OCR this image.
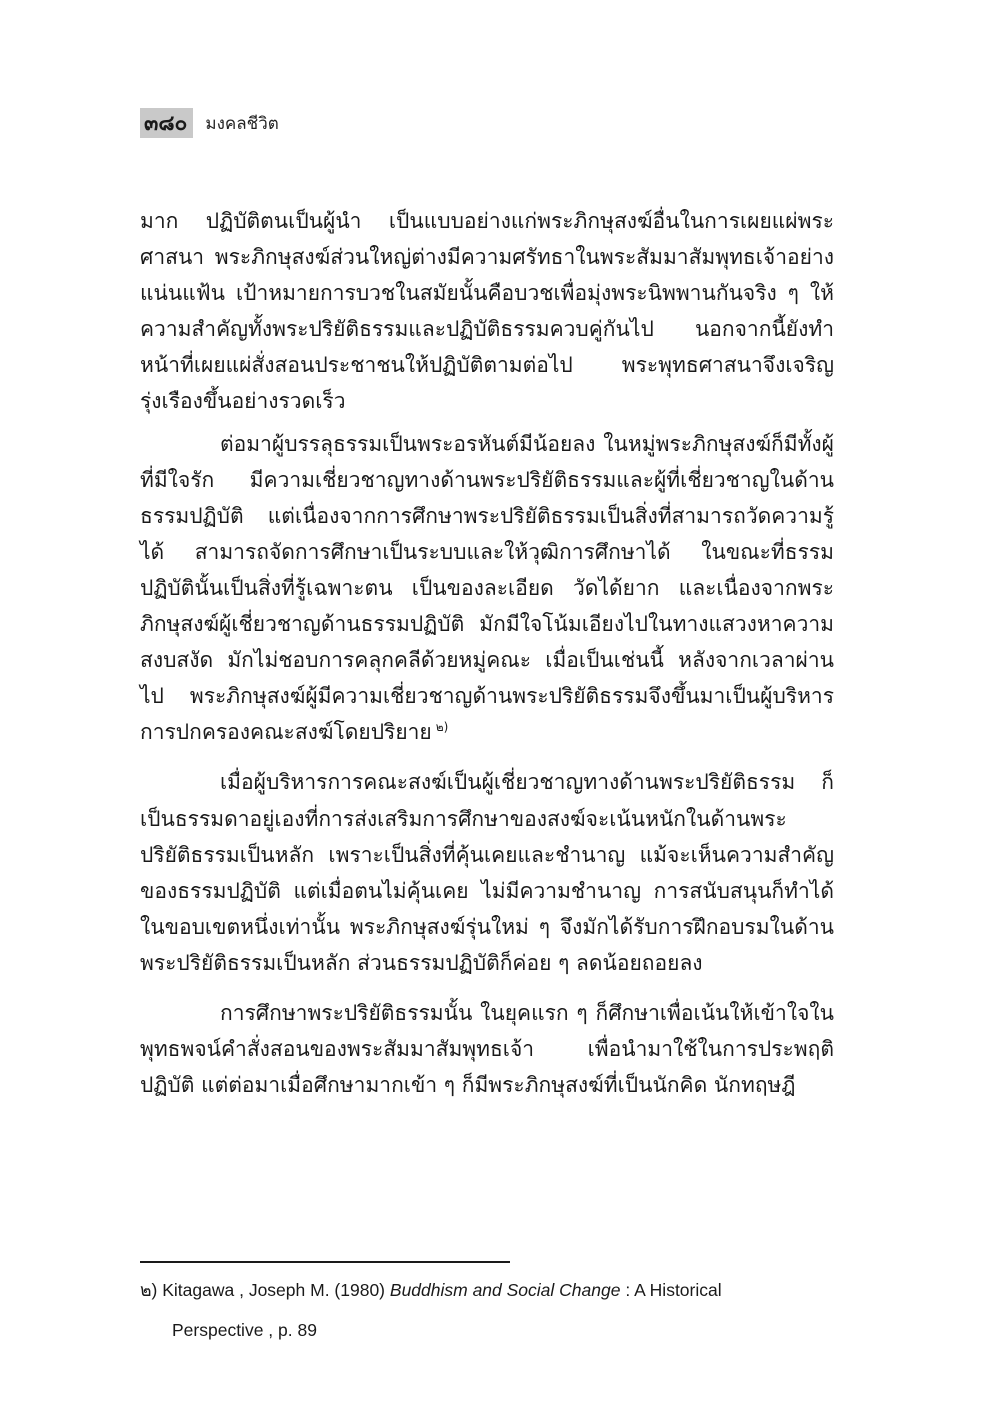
๓๘๐	มงคลชีวิต

มาก ปฏิบัติตนเป็นผู้นำ เป็นแบบอย่างแก่พระภิกษุสงฆ์อื่นในการเผยแผ่พระศาสนา พระภิกษุสงฆ์ส่วนใหญ่ต่างมีความศรัทธาในพระสัมมาสัมพุทธเจ้าอย่างแน่นแฟ้น เป้าหมายการบวชในสมัยนั้นคือบวชเพื่อมุ่งพระนิพพานกันจริง ๆ ให้ความสำคัญทั้งพระปริยัติธรรมและปฏิบัติธรรมควบคู่กันไป นอกจากนี้ยังทำหน้าที่เผยแผ่สั่งสอนประชาชนให้ปฏิบัติตามต่อไป พระพุทธศาสนาจึงเจริญรุ่งเรืองขึ้นอย่างรวดเร็ว

ต่อมาผู้บรรลุธรรมเป็นพระอรหันต์มีน้อยลง ในหมู่พระภิกษุสงฆ์ก็มีทั้งผู้ที่มีใจรัก มีความเชี่ยวชาญทางด้านพระปริยัติธรรมและผู้ที่เชี่ยวชาญในด้านธรรมปฏิบัติ แต่เนื่องจากการศึกษาพระปริยัติธรรมเป็นสิ่งที่สามารถวัดความรู้ได้ สามารถจัดการศึกษาเป็นระบบและให้วุฒิการศึกษาได้ ในขณะที่ธรรมปฏิบัตินั้นเป็นสิ่งที่รู้เฉพาะตน เป็นของละเอียด วัดได้ยาก และเนื่องจากพระภิกษุสงฆ์ผู้เชี่ยวชาญด้านธรรมปฏิบัติ มักมีใจโน้มเอียงไปในทางแสวงหาความสงบสงัด มักไม่ชอบการคลุกคลีด้วยหมู่คณะ เมื่อเป็นเช่นนี้ หลังจากเวลาผ่านไป พระภิกษุสงฆ์ผู้มีความเชี่ยวชาญด้านพระปริยัติธรรมจึงขึ้นมาเป็นผู้บริหารการปกครองคณะสงฆ์โดยปริยาย $^{๒)}$

เมื่อผู้บริหารการคณะสงฆ์เป็นผู้เชี่ยวชาญทางด้านพระปริยัติธรรม ก็เป็นธรรมดาอยู่เองที่การส่งเสริมการศึกษาของสงฆ์จะเน้นหนักในด้านพระปริยัติธรรมเป็นหลัก เพราะเป็นสิ่งที่คุ้นเคยและชำนาญ แม้จะเห็นความสำคัญของธรรมปฏิบัติ แต่เมื่อตนไม่คุ้นเคย ไม่มีความชำนาญ การสนับสนุนก็ทำได้ในขอบเขตหนึ่งเท่านั้น พระภิกษุสงฆ์รุ่นใหม่ ๆ จึงมักได้รับการฝึกอบรมในด้านพระปริยัติธรรมเป็นหลัก ส่วนธรรมปฏิบัติก็ค่อย ๆ ลดน้อยถอยลง

การศึกษาพระปริยัติธรรมนั้น ในยุคแรก ๆ ก็ศึกษาเพื่อเน้นให้เข้าใจในพุทธพจน์คำสั่งสอนของพระสัมมาสัมพุทธเจ้า เพื่อนำมาใช้ในการประพฤติปฏิบัติ แต่ต่อมาเมื่อศึกษามากเข้า ๆ ก็มีพระภิกษุสงฆ์ที่เป็นนักคิด นักทฤษฎี

๒) Kitagawa , Joseph M. (1980) Buddhism and Social Change : A Historical
Perspective , p. 89
